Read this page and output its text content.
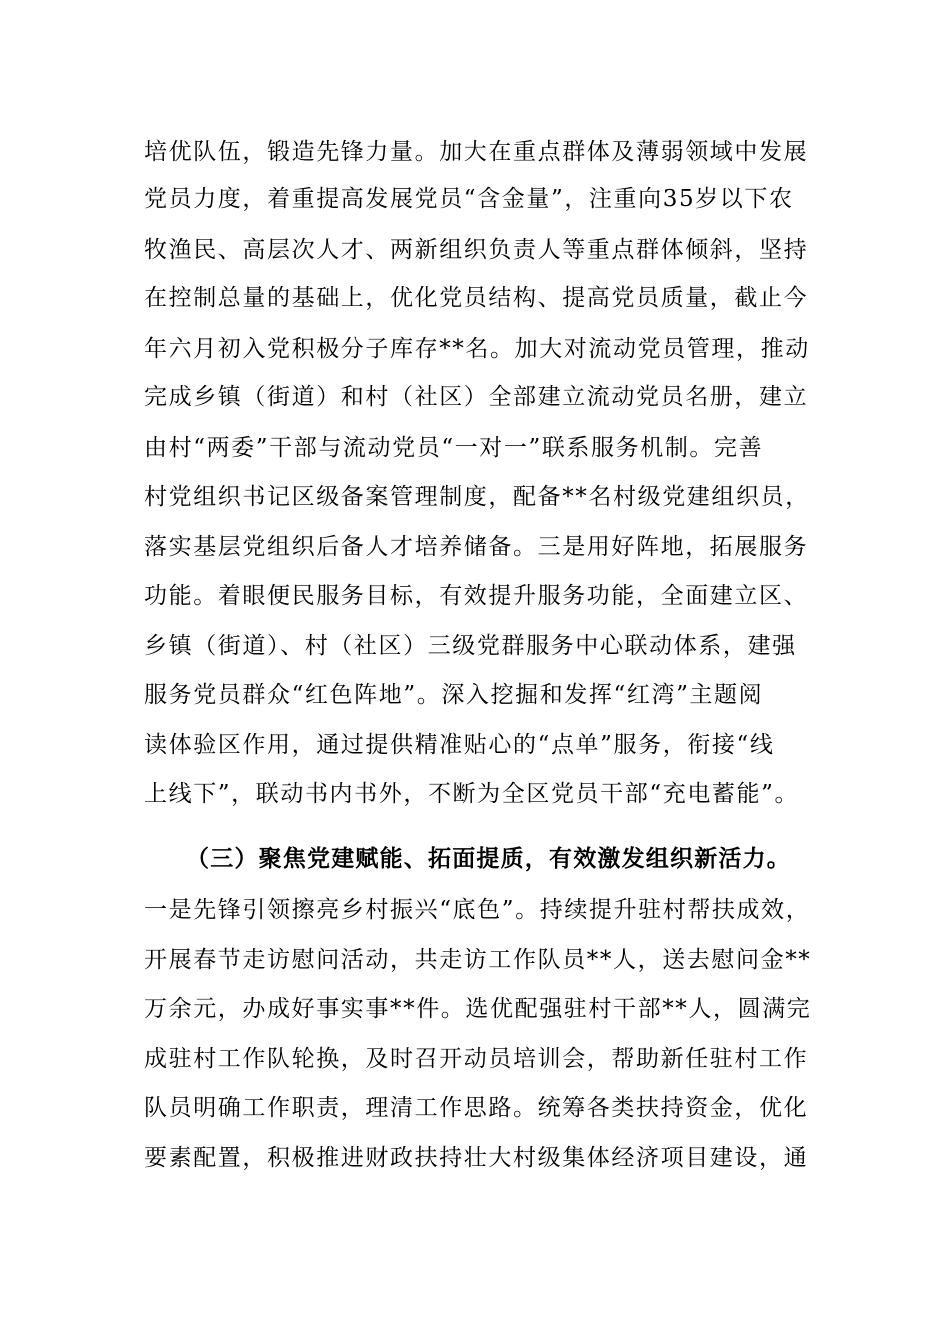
培优队伍，锻造先锋力量。加大在重点群体及薄弱领域中发展
党员力度，着重提高发展党员“含金量”，注重向35岁以下农
牧渔民、高层次人才、两新组织负责人等重点群体倾斜，坚持
在控制总量的基础上，优化党员结构、提高党员质量，截止今
年六月初入党积极分子库存**名。加大对流动党员管理，推动
完成乡镇（街道）和村（社区）全部建立流动党员名册，建立
由村“两委”干部与流动党员“一对一”联系服务机制。完善
村党组织书记区级备案管理制度，配备**名村级党建组织员，
落实基层党组织后备人才培养储备。三是用好阵地，拓展服务
功能。着眼便民服务目标，有效提升服务功能，全面建立区、
乡镇（街道）、村（社区）三级党群服务中心联动体系，建强
服务党员群众“红色阵地”。深入挖掘和发挥“红湾”主题阅
读体验区作用，通过提供精准贴心的“点单”服务，衔接“线
上线下”，联动书内书外，不断为全区党员干部“充电蓄能”。
（三）聚焦党建赋能、拓面提质，有效激发组织新活力。
一是先锋引领擦亮乡村振兴“底色”。持续提升驻村帮扶成效，
开展春节走访慰问活动，共走访工作队员**人，送去慰问金**
万余元，办成好事实事**件。选优配强驻村干部**人，圆满完
成驻村工作队轮换，及时召开动员培训会，帮助新任驻村工作
队员明确工作职责，理清工作思路。统筹各类扶持资金，优化
要素配置，积极推进财政扶持壮大村级集体经济项目建设，通
